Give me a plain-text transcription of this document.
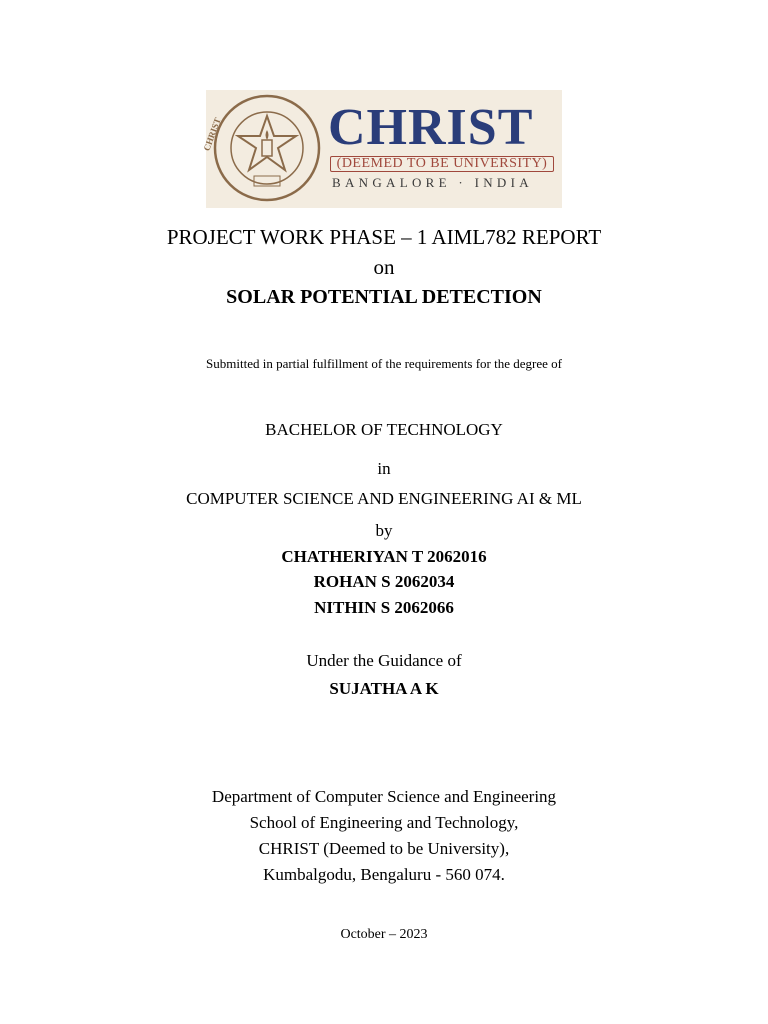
CHRIST	CHRIST
(DEEMED TO BE UNIVERSITY)
BANGALORE · INDIA
PROJECT WORK PHASE – 1 AIML782 REPORT
on
SOLAR POTENTIAL DETECTION
Submitted in partial fulfillment of the requirements for the degree of
BACHELOR OF TECHNOLOGY
in
COMPUTER SCIENCE AND ENGINEERING AI & ML
by
CHATHERIYAN T 2062016
ROHAN S 2062034
NITHIN S 2062066
Under the Guidance of
SUJATHA A K
Department of Computer Science and Engineering
School of Engineering and Technology,
CHRIST (Deemed to be University),
Kumbalgodu, Bengaluru - 560 074.
October – 2023
